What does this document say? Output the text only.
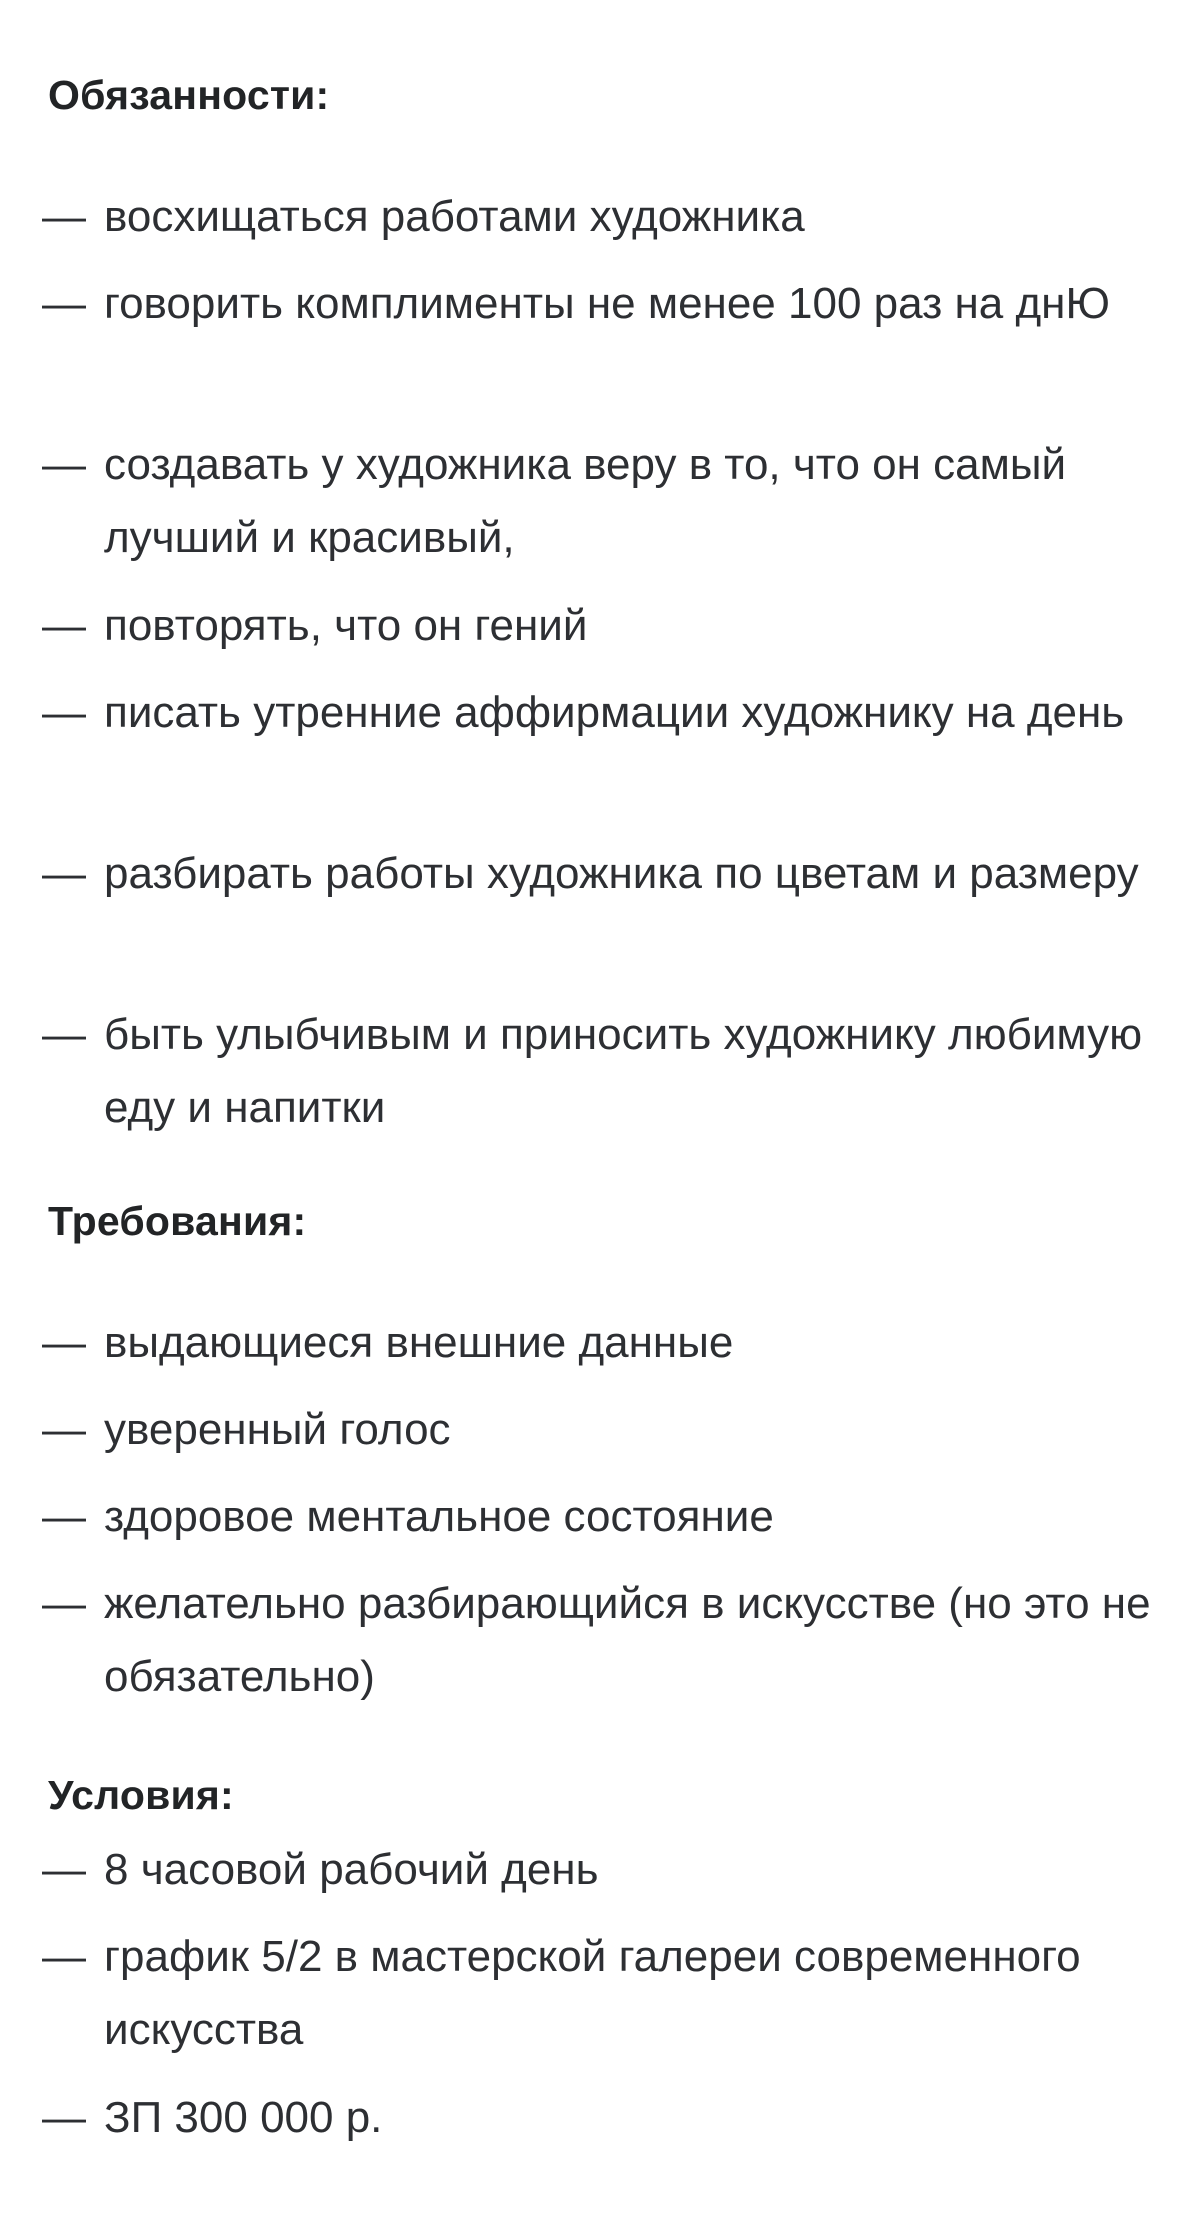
Обязанности:
— восхищаться работами художника
— говорить комплименты не менее 100 раз на днЮ
— создавать у художника веру в то, что он самый лучший и красивый,
— повторять, что он гений
— писать утренние аффирмации художнику на день
— разбирать работы художника по цветам и размеру
— быть улыбчивым и приносить художнику любимую еду и напитки
Требования:
— выдающиеся внешние данные
— уверенный голос
— здоровое ментальное состояние
— желательно разбирающийся в искусстве (но это не обязательно)
Условия:
— 8 часовой рабочий день
— график 5/2 в мастерской галереи современного искусства
— ЗП 300 000 р.
